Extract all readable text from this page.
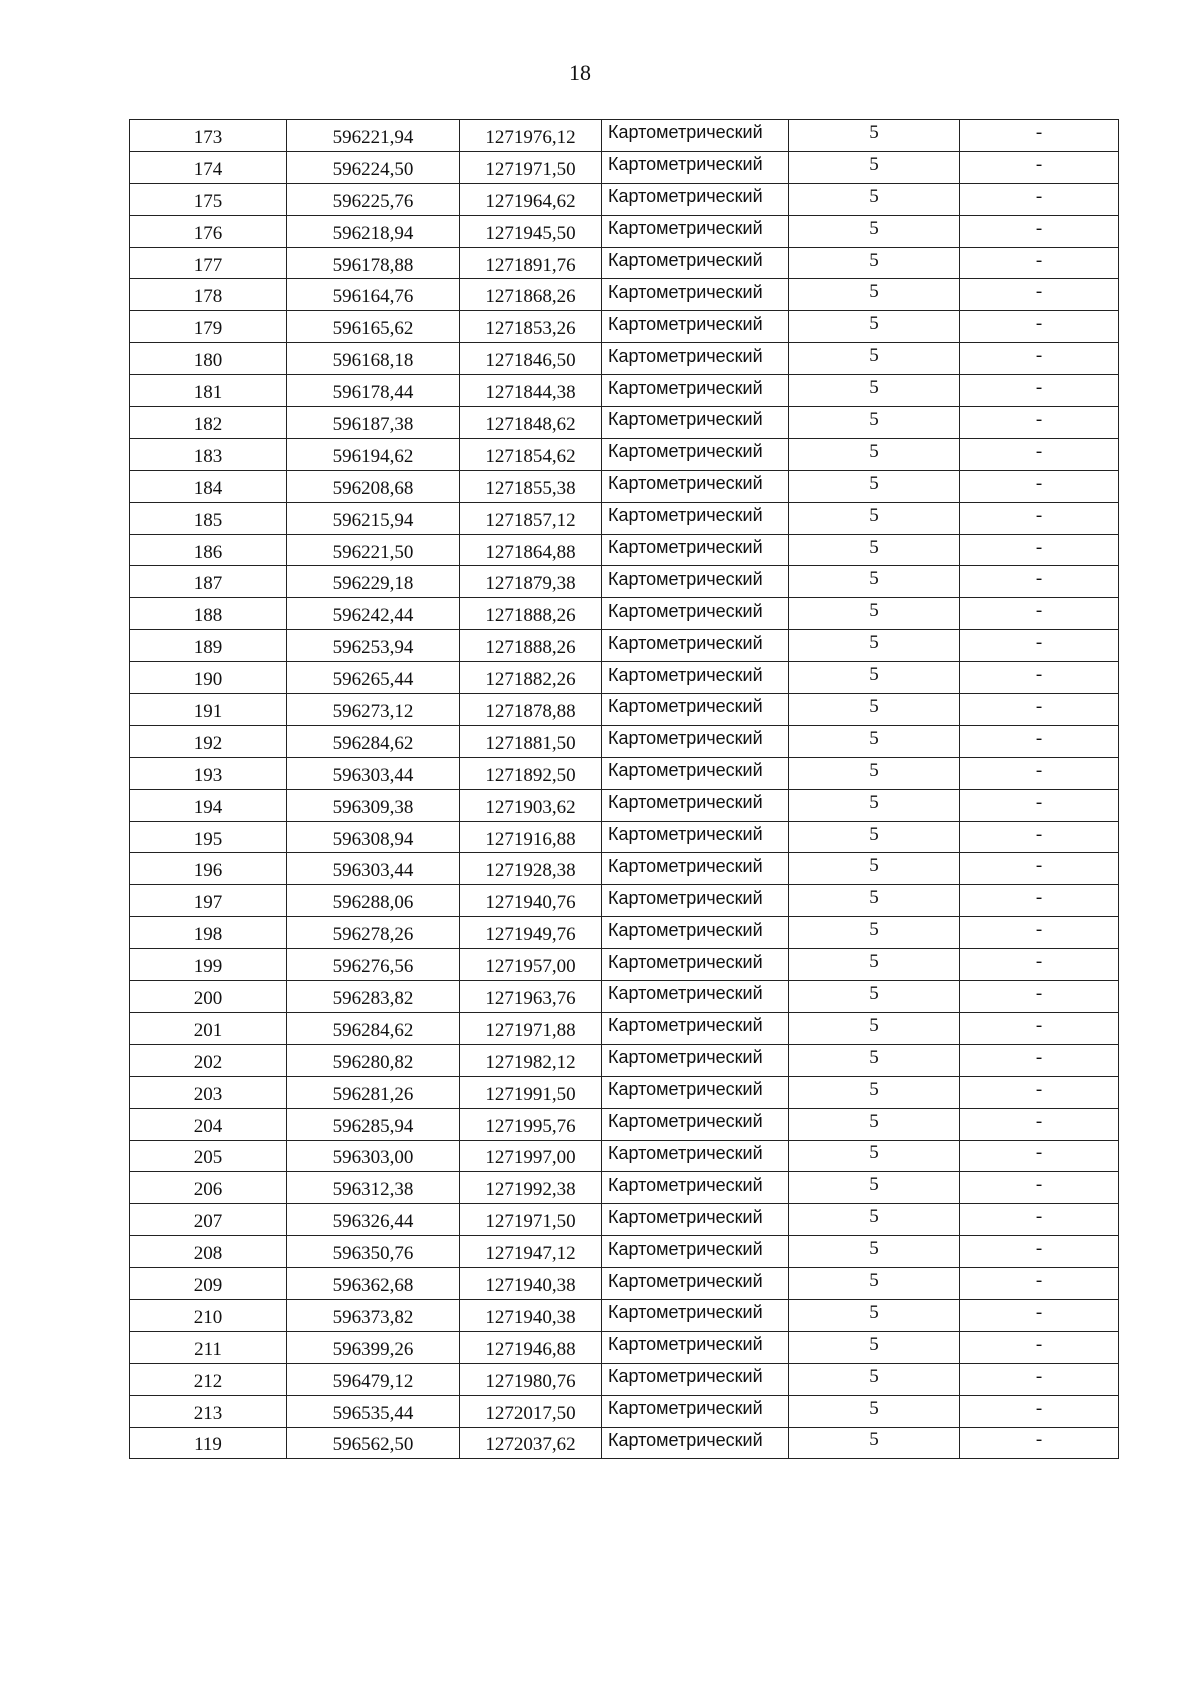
18
173	596221,94	1271976,12	Картометрический	5	-
174	596224,50	1271971,50	Картометрический	5	-
175	596225,76	1271964,62	Картометрический	5	-
176	596218,94	1271945,50	Картометрический	5	-
177	596178,88	1271891,76	Картометрический	5	-
178	596164,76	1271868,26	Картометрический	5	-
179	596165,62	1271853,26	Картометрический	5	-
180	596168,18	1271846,50	Картометрический	5	-
181	596178,44	1271844,38	Картометрический	5	-
182	596187,38	1271848,62	Картометрический	5	-
183	596194,62	1271854,62	Картометрический	5	-
184	596208,68	1271855,38	Картометрический	5	-
185	596215,94	1271857,12	Картометрический	5	-
186	596221,50	1271864,88	Картометрический	5	-
187	596229,18	1271879,38	Картометрический	5	-
188	596242,44	1271888,26	Картометрический	5	-
189	596253,94	1271888,26	Картометрический	5	-
190	596265,44	1271882,26	Картометрический	5	-
191	596273,12	1271878,88	Картометрический	5	-
192	596284,62	1271881,50	Картометрический	5	-
193	596303,44	1271892,50	Картометрический	5	-
194	596309,38	1271903,62	Картометрический	5	-
195	596308,94	1271916,88	Картометрический	5	-
196	596303,44	1271928,38	Картометрический	5	-
197	596288,06	1271940,76	Картометрический	5	-
198	596278,26	1271949,76	Картометрический	5	-
199	596276,56	1271957,00	Картометрический	5	-
200	596283,82	1271963,76	Картометрический	5	-
201	596284,62	1271971,88	Картометрический	5	-
202	596280,82	1271982,12	Картометрический	5	-
203	596281,26	1271991,50	Картометрический	5	-
204	596285,94	1271995,76	Картометрический	5	-
205	596303,00	1271997,00	Картометрический	5	-
206	596312,38	1271992,38	Картометрический	5	-
207	596326,44	1271971,50	Картометрический	5	-
208	596350,76	1271947,12	Картометрический	5	-
209	596362,68	1271940,38	Картометрический	5	-
210	596373,82	1271940,38	Картометрический	5	-
211	596399,26	1271946,88	Картометрический	5	-
212	596479,12	1271980,76	Картометрический	5	-
213	596535,44	1272017,50	Картометрический	5	-
119	596562,50	1272037,62	Картометрический	5	-
